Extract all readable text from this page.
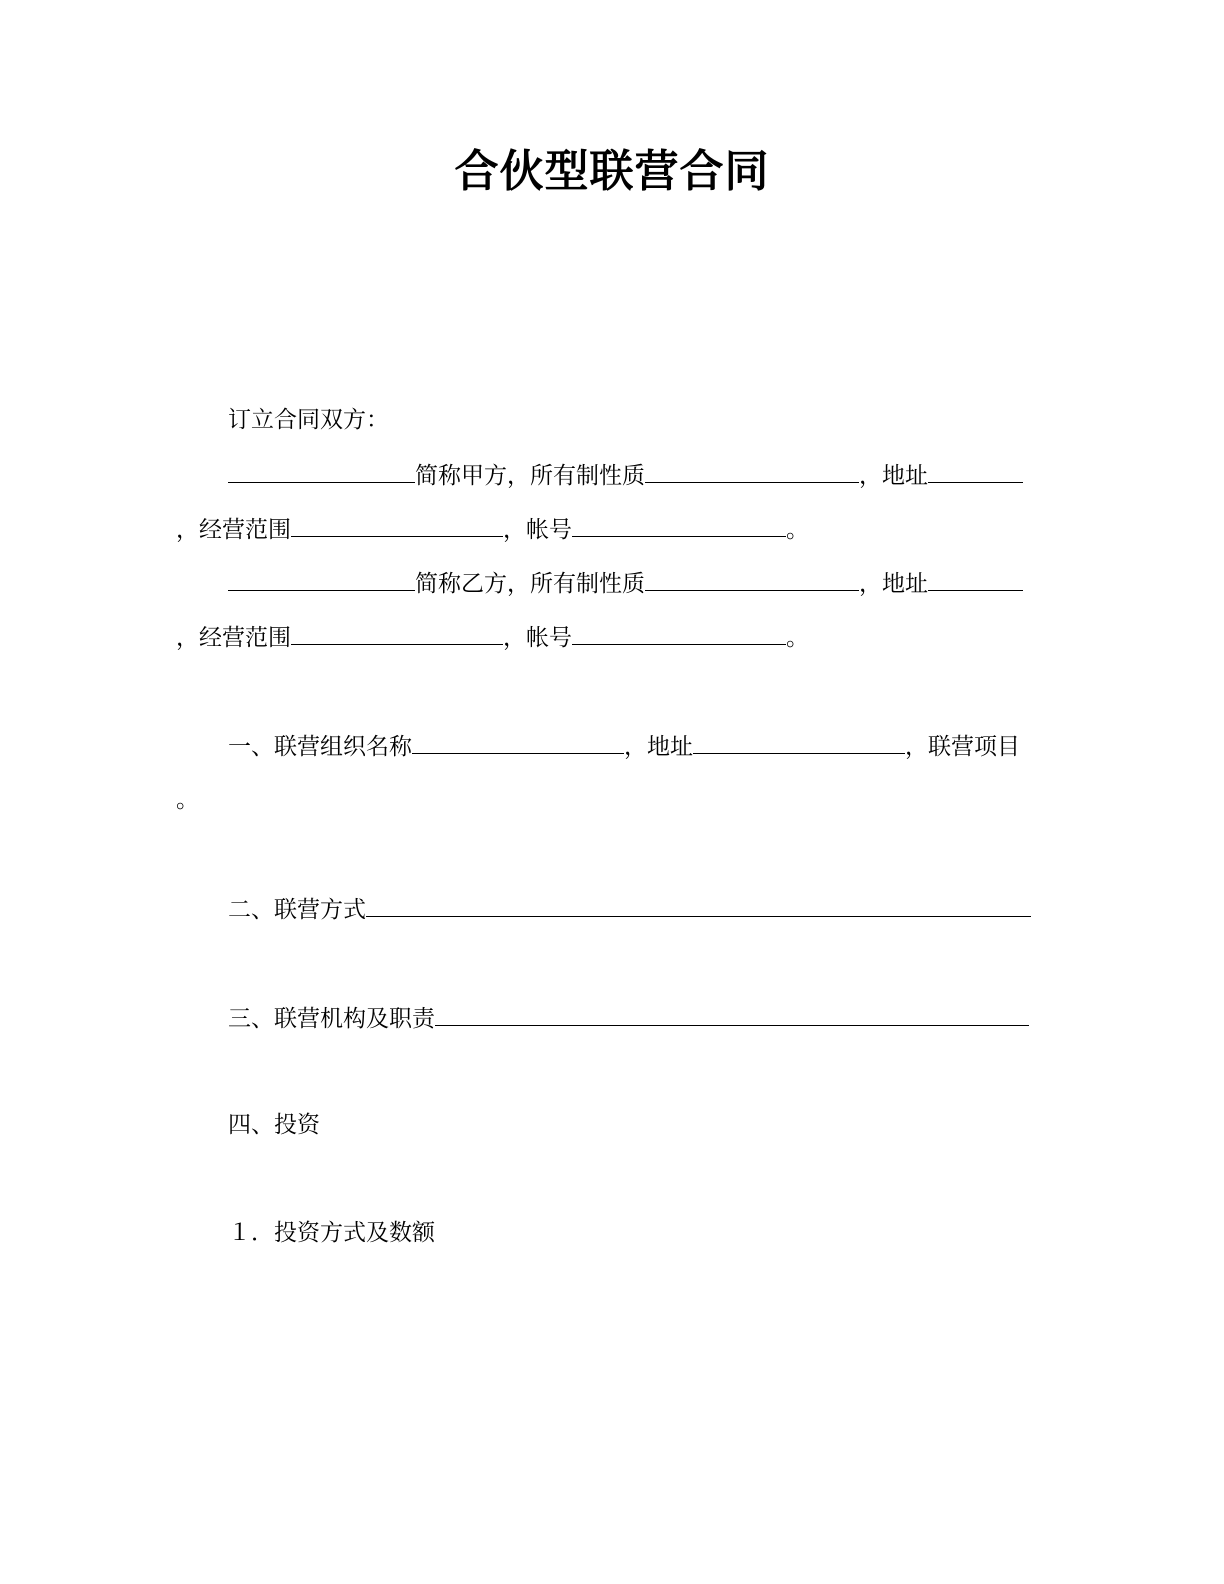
合伙型联营合同
订立合同双方：
简称甲方，所有制性质	，地址
，经营范围	，帐号	。
简称乙方，所有制性质	，地址
，经营范围	，帐号	。
一、联营组织名称	，地址	，联营项目
。
二、联营方式
三、联营机构及职责
四、投资
１．投资方式及数额
